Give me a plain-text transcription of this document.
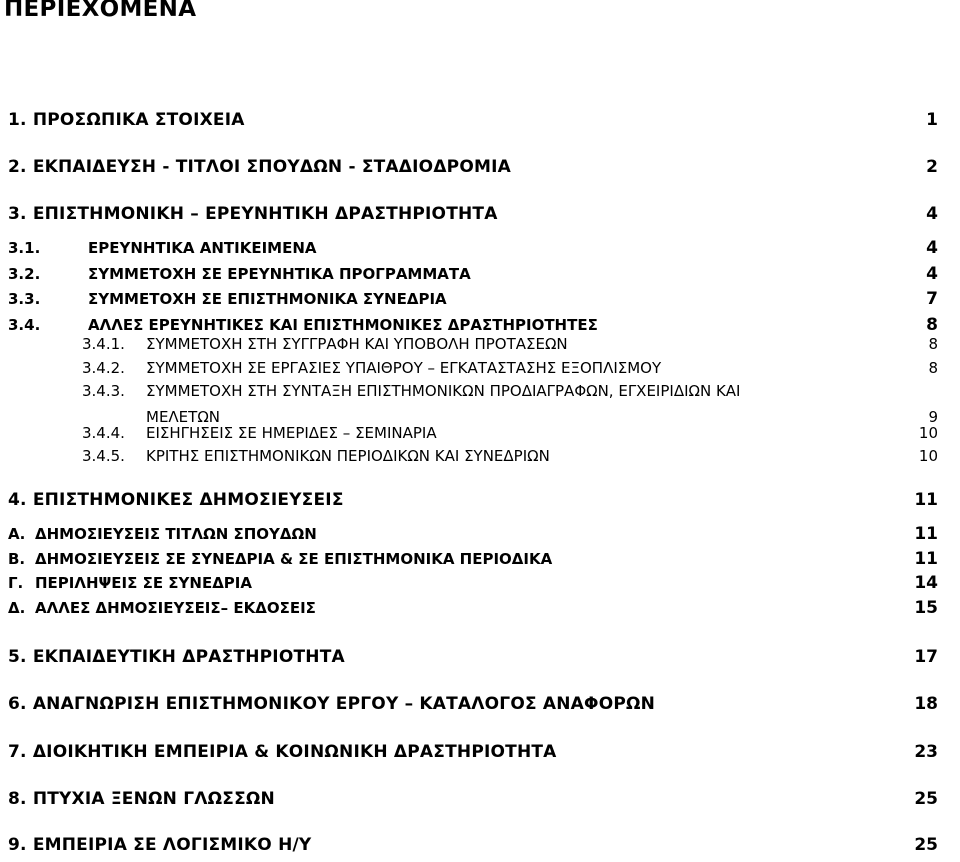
ΠΕΡΙΕΧΟΜΕΝΑ
1. ΠΡΟΣΩΠΙΚΑ ΣΤΟΙΧΕΙΑ	1
2. ΕΚΠΑΙΔΕΥΣΗ - ΤΙΤΛΟΙ ΣΠΟΥΔΩΝ - ΣΤΑΔΙΟΔΡΟΜΙΑ	2
3. ΕΠΙΣΤΗΜΟΝΙΚΗ – ΕΡΕΥΝΗΤΙΚΗ ΔΡΑΣΤΗΡΙΟΤΗΤΑ	4
3.1.	ΕΡΕΥΝΗΤΙΚΑ ΑΝΤΙΚΕΙΜΕΝΑ	4
3.2.	ΣΥΜΜΕΤΟΧΗ ΣΕ ΕΡΕΥΝΗΤΙΚΑ ΠΡΟΓΡΑΜΜΑΤΑ	4
3.3.	ΣΥΜΜΕΤΟΧΗ ΣΕ ΕΠΙΣΤΗΜΟΝΙΚΑ ΣΥΝΕΔΡΙΑ	7
3.4.	ΑΛΛΕΣ ΕΡΕΥΝΗΤΙΚΕΣ ΚΑΙ ΕΠΙΣΤΗΜΟΝΙΚΕΣ ΔΡΑΣΤΗΡΙΟΤΗΤΕΣ	8
3.4.1. ΣΥΜΜΕΤΟΧΗ ΣΤΗ ΣΥΓΓΡΑΦΗ ΚΑΙ ΥΠΟΒΟΛΗ ΠΡΟΤΑΣΕΩΝ	8
3.4.2. ΣΥΜΜΕΤΟΧΗ ΣΕ ΕΡΓΑΣΙΕΣ ΥΠΑΙΘΡΟΥ – ΕΓΚΑΤΑΣΤΑΣΗΣ ΕΞΟΠΛΙΣΜΟΥ	8
3.4.3. ΣΥΜΜΕΤΟΧΗ ΣΤΗ ΣΥΝΤΑΞΗ ΕΠΙΣΤΗΜΟΝΙΚΩΝ ΠΡΟΔΙΑΓΡΑΦΩΝ, ΕΓΧΕΙΡΙΔΙΩΝ ΚΑΙ
ΜΕΛΕΤΩΝ	9
3.4.4. ΕΙΣΗΓΗΣΕΙΣ ΣΕ ΗΜΕΡΙΔΕΣ – ΣΕΜΙΝΑΡΙΑ	10
3.4.5. ΚΡΙΤΗΣ ΕΠΙΣΤΗΜΟΝΙΚΩΝ ΠΕΡΙΟΔΙΚΩΝ ΚΑΙ ΣΥΝΕΔΡΙΩΝ	10
4. ΕΠΙΣΤΗΜΟΝΙΚΕΣ ΔΗΜΟΣΙΕΥΣΕΙΣ	11
Α. ΔΗΜΟΣΙΕΥΣΕΙΣ ΤΙΤΛΩΝ ΣΠΟΥΔΩΝ	11
Β. ΔΗΜΟΣΙΕΥΣΕΙΣ ΣΕ ΣΥΝΕΔΡΙΑ & ΣΕ ΕΠΙΣΤΗΜΟΝΙΚΑ ΠΕΡΙΟΔΙΚΑ	11
Γ. ΠΕΡΙΛΗΨΕΙΣ ΣΕ ΣΥΝΕΔΡΙΑ	14
Δ. ΑΛΛΕΣ ΔΗΜΟΣΙΕΥΣΕΙΣ– ΕΚΔΟΣΕΙΣ	15
5. ΕΚΠΑΙΔΕΥΤΙΚΗ ΔΡΑΣΤΗΡΙΟΤΗΤΑ	17
6. ΑΝΑΓΝΩΡΙΣΗ ΕΠΙΣΤΗΜΟΝΙΚΟΥ ΕΡΓΟΥ – ΚΑΤΑΛΟΓΟΣ ΑΝΑΦΟΡΩΝ	18
7. ΔΙΟΙΚΗΤΙΚΗ ΕΜΠΕΙΡΙΑ & ΚΟΙΝΩΝΙΚΗ ΔΡΑΣΤΗΡΙΟΤΗΤΑ	23
8. ΠΤΥΧΙΑ ΞΕΝΩΝ ΓΛΩΣΣΩΝ	25
9. ΕΜΠΕΙΡΙΑ ΣΕ ΛΟΓΙΣΜΙΚΟ Η/Υ	25
